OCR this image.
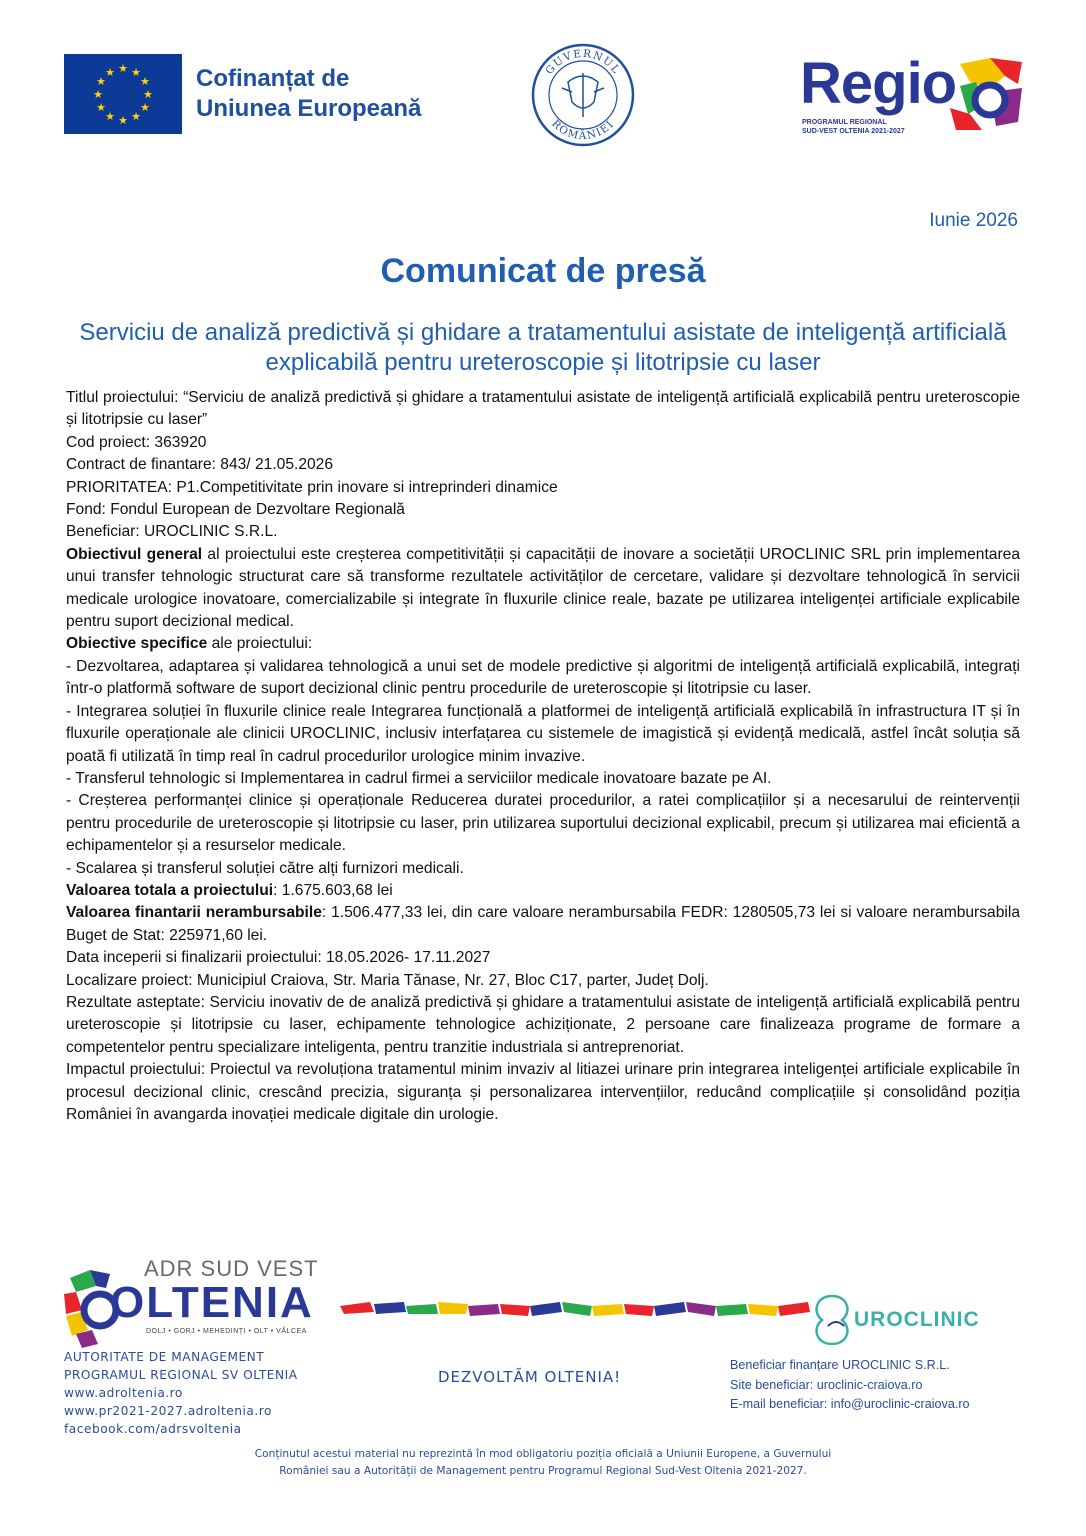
★ ★
★
★
★
★
★
★
★
★
★
★	Cofinanțat de
Uniunea Europeană
GUVERNUL
ROMÂNIEI
Regio
PROGRAMUL REGIONAL
SUD-VEST OLTENIA 2021-2027
Iunie 2026
Comunicat de presă
Serviciu de analiză predictivă și ghidare a tratamentului asistate de inteligență artificială explicabilă pentru ureteroscopie și litotripsie cu laser

Titlul proiectului: “Serviciu de analiză predictivă și ghidare a tratamentului asistate de inteligență artificială explicabilă pentru ureteroscopie și litotripsie cu laser”

Cod proiect: 363920

Contract de finantare: 843/ 21.05.2026

PRIORITATEA: P1.Competitivitate prin inovare si intreprinderi dinamice

Fond: Fondul European de Dezvoltare Regională

Beneficiar: UROCLINIC S.R.L.

Obiectivul general al proiectului este creșterea competitivității și capacității de inovare a societății UROCLINIC SRL prin implementarea unui transfer tehnologic structurat care să transforme rezultatele activităților de cercetare, validare și dezvoltare tehnologică în servicii medicale urologice inovatoare, comercializabile și integrate în fluxurile clinice reale, bazate pe utilizarea inteligenței artificiale explicabile pentru suport decizional medical.

Obiective specifice ale proiectului:

- Dezvoltarea, adaptarea și validarea tehnologică a unui set de modele predictive și algoritmi de inteligență artificială explicabilă, integrați într-o platformă software de suport decizional clinic pentru procedurile de ureteroscopie și litotripsie cu laser.

- Integrarea soluției în fluxurile clinice reale Integrarea funcțională a platformei de inteligență artificială explicabilă în infrastructura IT și în fluxurile operaționale ale clinicii UROCLINIC, inclusiv interfațarea cu sistemele de imagistică și evidență medicală, astfel încât soluția să poată fi utilizată în timp real în cadrul procedurilor urologice minim invazive.

- Transferul tehnologic si Implementarea in cadrul firmei a serviciilor medicale inovatoare bazate pe AI.

- Creșterea performanței clinice și operaționale Reducerea duratei procedurilor, a ratei complicațiilor și a necesarului de reintervenții pentru procedurile de ureteroscopie și litotripsie cu laser, prin utilizarea suportului decizional explicabil, precum și utilizarea mai eficientă a echipamentelor și a resurselor medicale.

- Scalarea și transferul soluției către alți furnizori medicali.

Valoarea totala a proiectului: 1.675.603,68 lei

Valoarea finantarii nerambursabile: 1.506.477,33 lei, din care valoare nerambursabila FEDR: 1280505,73 lei si valoare nerambursabila Buget de Stat: 225971,60 lei.

Data inceperii si finalizarii proiectului: 18.05.2026- 17.11.2027

Localizare proiect: Municipiul Craiova, Str. Maria Tănase, Nr. 27, Bloc C17, parter, Județ Dolj.

Rezultate asteptate: Serviciu inovativ de de analiză predictivă și ghidare a tratamentului asistate de inteligență artificială explicabilă pentru ureteroscopie și litotripsie cu laser, echipamente tehnologice achiziționate, 2 persoane care finalizeaza programe de formare a competentelor pentru specializare inteligenta, pentru tranzitie industriala si antreprenoriat.

Impactul proiectului: Proiectul va revoluționa tratamentul minim invaziv al litiazei urinare prin integrarea inteligenței artificiale explicabile în procesul decizional clinic, crescând precizia, siguranța și personalizarea intervențiilor, reducând complicațiile și consolidând poziția României în avangarda inovației medicale digitale din urologie.

ADR SUD VEST
OLTENIA
DOLJ • GORJ • MEHEDINȚI • OLT • VÂLCEA
UROCLINIC
AUTORITATE DE MANAGEMENT
PROGRAMUL REGIONAL SV OLTENIA
www.adroltenia.ro
www.pr2021-2027.adroltenia.ro
facebook.com/adrsvoltenia
DEZVOLTĂM OLTENIA!
Beneficiar finanțare UROCLINIC S.R.L.
Site beneficiar: uroclinic-craiova.ro
E-mail beneficiar: info@uroclinic-craiova.ro
Conținutul acestui material nu reprezintă în mod obligatoriu poziția oficială a Uniunii Europene, a Guvernului
României sau a Autorității de Management pentru Programul Regional Sud-Vest Oltenia 2021-2027.
